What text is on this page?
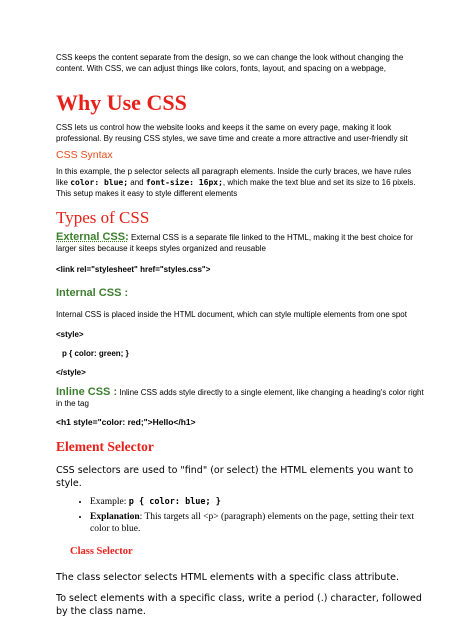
CSS keeps the content separate from the design, so we can change the look without changing the content. With CSS, we can adjust things like colors, fonts, layout, and spacing on a webpage,

Why Use CSS

CSS lets us control how the website looks and keeps it the same on every page, making it look professional. By reusing CSS styles, we save time and create a more attractive and user-friendly sit

CSS Syntax

In this example, the p selector selects all paragraph elements. Inside the curly braces, we have rules like color: blue; and font-size: 16px;, which make the text blue and set its size to 16 pixels. This setup makes it easy to style different elements

Types of CSS

External CSS: External CSS is a separate file linked to the HTML, making it the best choice for larger sites because it keeps styles organized and reusable

<link rel="stylesheet" href="styles.css">

Internal CSS :

Internal CSS is placed inside the HTML document, which can style multiple elements from one spot

<style>

p { color: green; }

</style>

Inline CSS : Inline CSS adds style directly to a single element, like changing a heading's color right in the tag

<h1 style="color: red;">Hello</h1>

Element Selector

CSS selectors are used to "find" (or select) the HTML elements you want to style.

• Example: p { color: blue; }
• Explanation: This targets all <p> (paragraph) elements on the page, setting their text color to blue.
Class Selector

The class selector selects HTML elements with a specific class attribute.

To select elements with a specific class, write a period (.) character, followed by the class name.
